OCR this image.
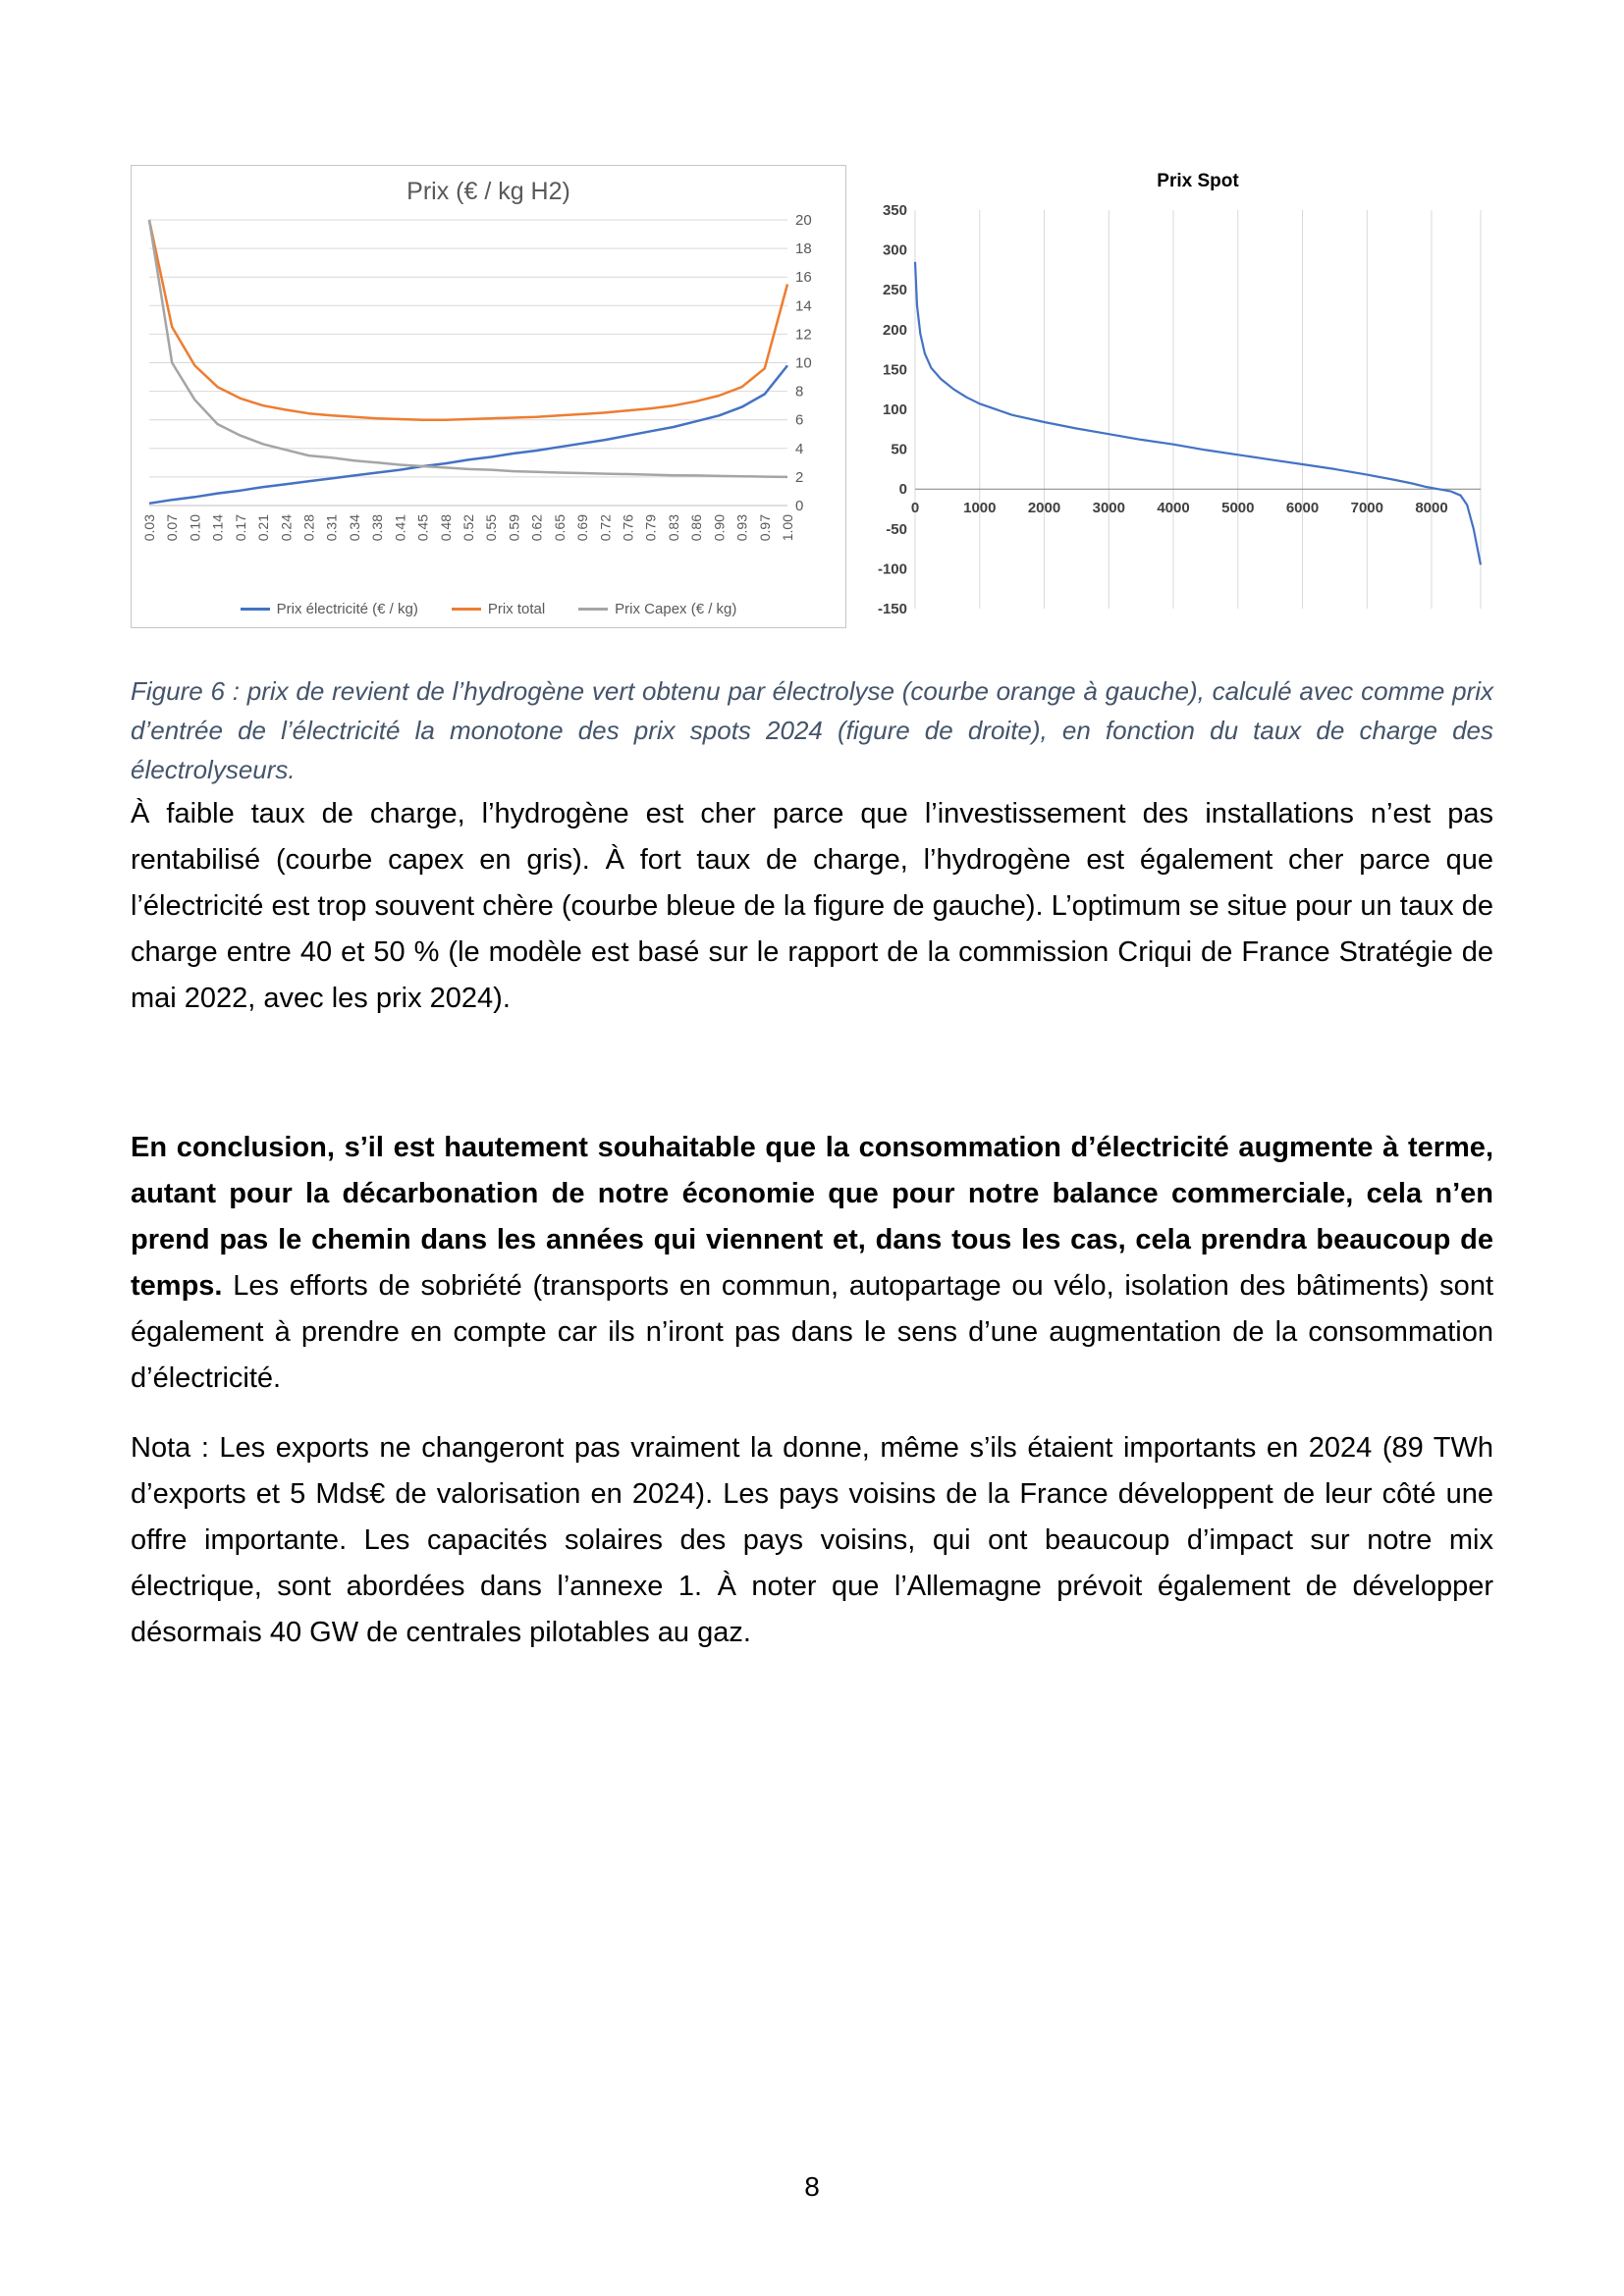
Prix (€ / kg H2)
0
2
4
6
8
10
12
14
16
18
20
0.03 0.07 0.10 0.14 0.17 0.21 0.24 0.28 0.31 0.34 0.38 0.41 0.45 0.48 0.52 0.55 0.59 0.62 0.65 0.69 0.72 0.76 0.79 0.83 0.86 0.90 0.93 0.97 1.00
Prix électricité (€ / kg)	Prix total	Prix Capex (€ / kg)
Prix Spot
0	1000 2000 3000 4000 5000 6000 7000 8000
-150
-100
-50
0
50
100
150
200
250
300
350

Figure 6 : prix de revient de l’hydrogène vert obtenu par électrolyse (courbe orange à gauche), calculé avec comme prix d’entrée de l’électricité la monotone des prix spots 2024 (figure de droite), en fonction du taux de charge des électrolyseurs.

À faible taux de charge, l’hydrogène est cher parce que l’investissement des installations n’est pas rentabilisé (courbe capex en gris). À fort taux de charge, l’hydrogène est également cher parce que l’électricité est trop souvent chère (courbe bleue de la figure de gauche). L’optimum se situe pour un taux de charge entre 40 et 50 % (le modèle est basé sur le rapport de la commission Criqui de France Stratégie de mai 2022, avec les prix 2024).

En conclusion, s’il est hautement souhaitable que la consommation d’électricité augmente à terme, autant pour la décarbonation de notre économie que pour notre balance commerciale, cela n’en prend pas le chemin dans les années qui viennent et, dans tous les cas, cela prendra beaucoup de temps. Les efforts de sobriété (transports en commun, autopartage ou vélo, isolation des bâtiments) sont également à prendre en compte car ils n’iront pas dans le sens d’une augmentation de la consommation d’électricité.

Nota : Les exports ne changeront pas vraiment la donne, même s’ils étaient importants en 2024 (89 TWh d’exports et 5 Mds€ de valorisation en 2024). Les pays voisins de la France développent de leur côté une offre importante. Les capacités solaires des pays voisins, qui ont beaucoup d’impact sur notre mix électrique, sont abordées dans l’annexe 1. À noter que l’Allemagne prévoit également de développer désormais 40 GW de centrales pilotables au gaz.

8
